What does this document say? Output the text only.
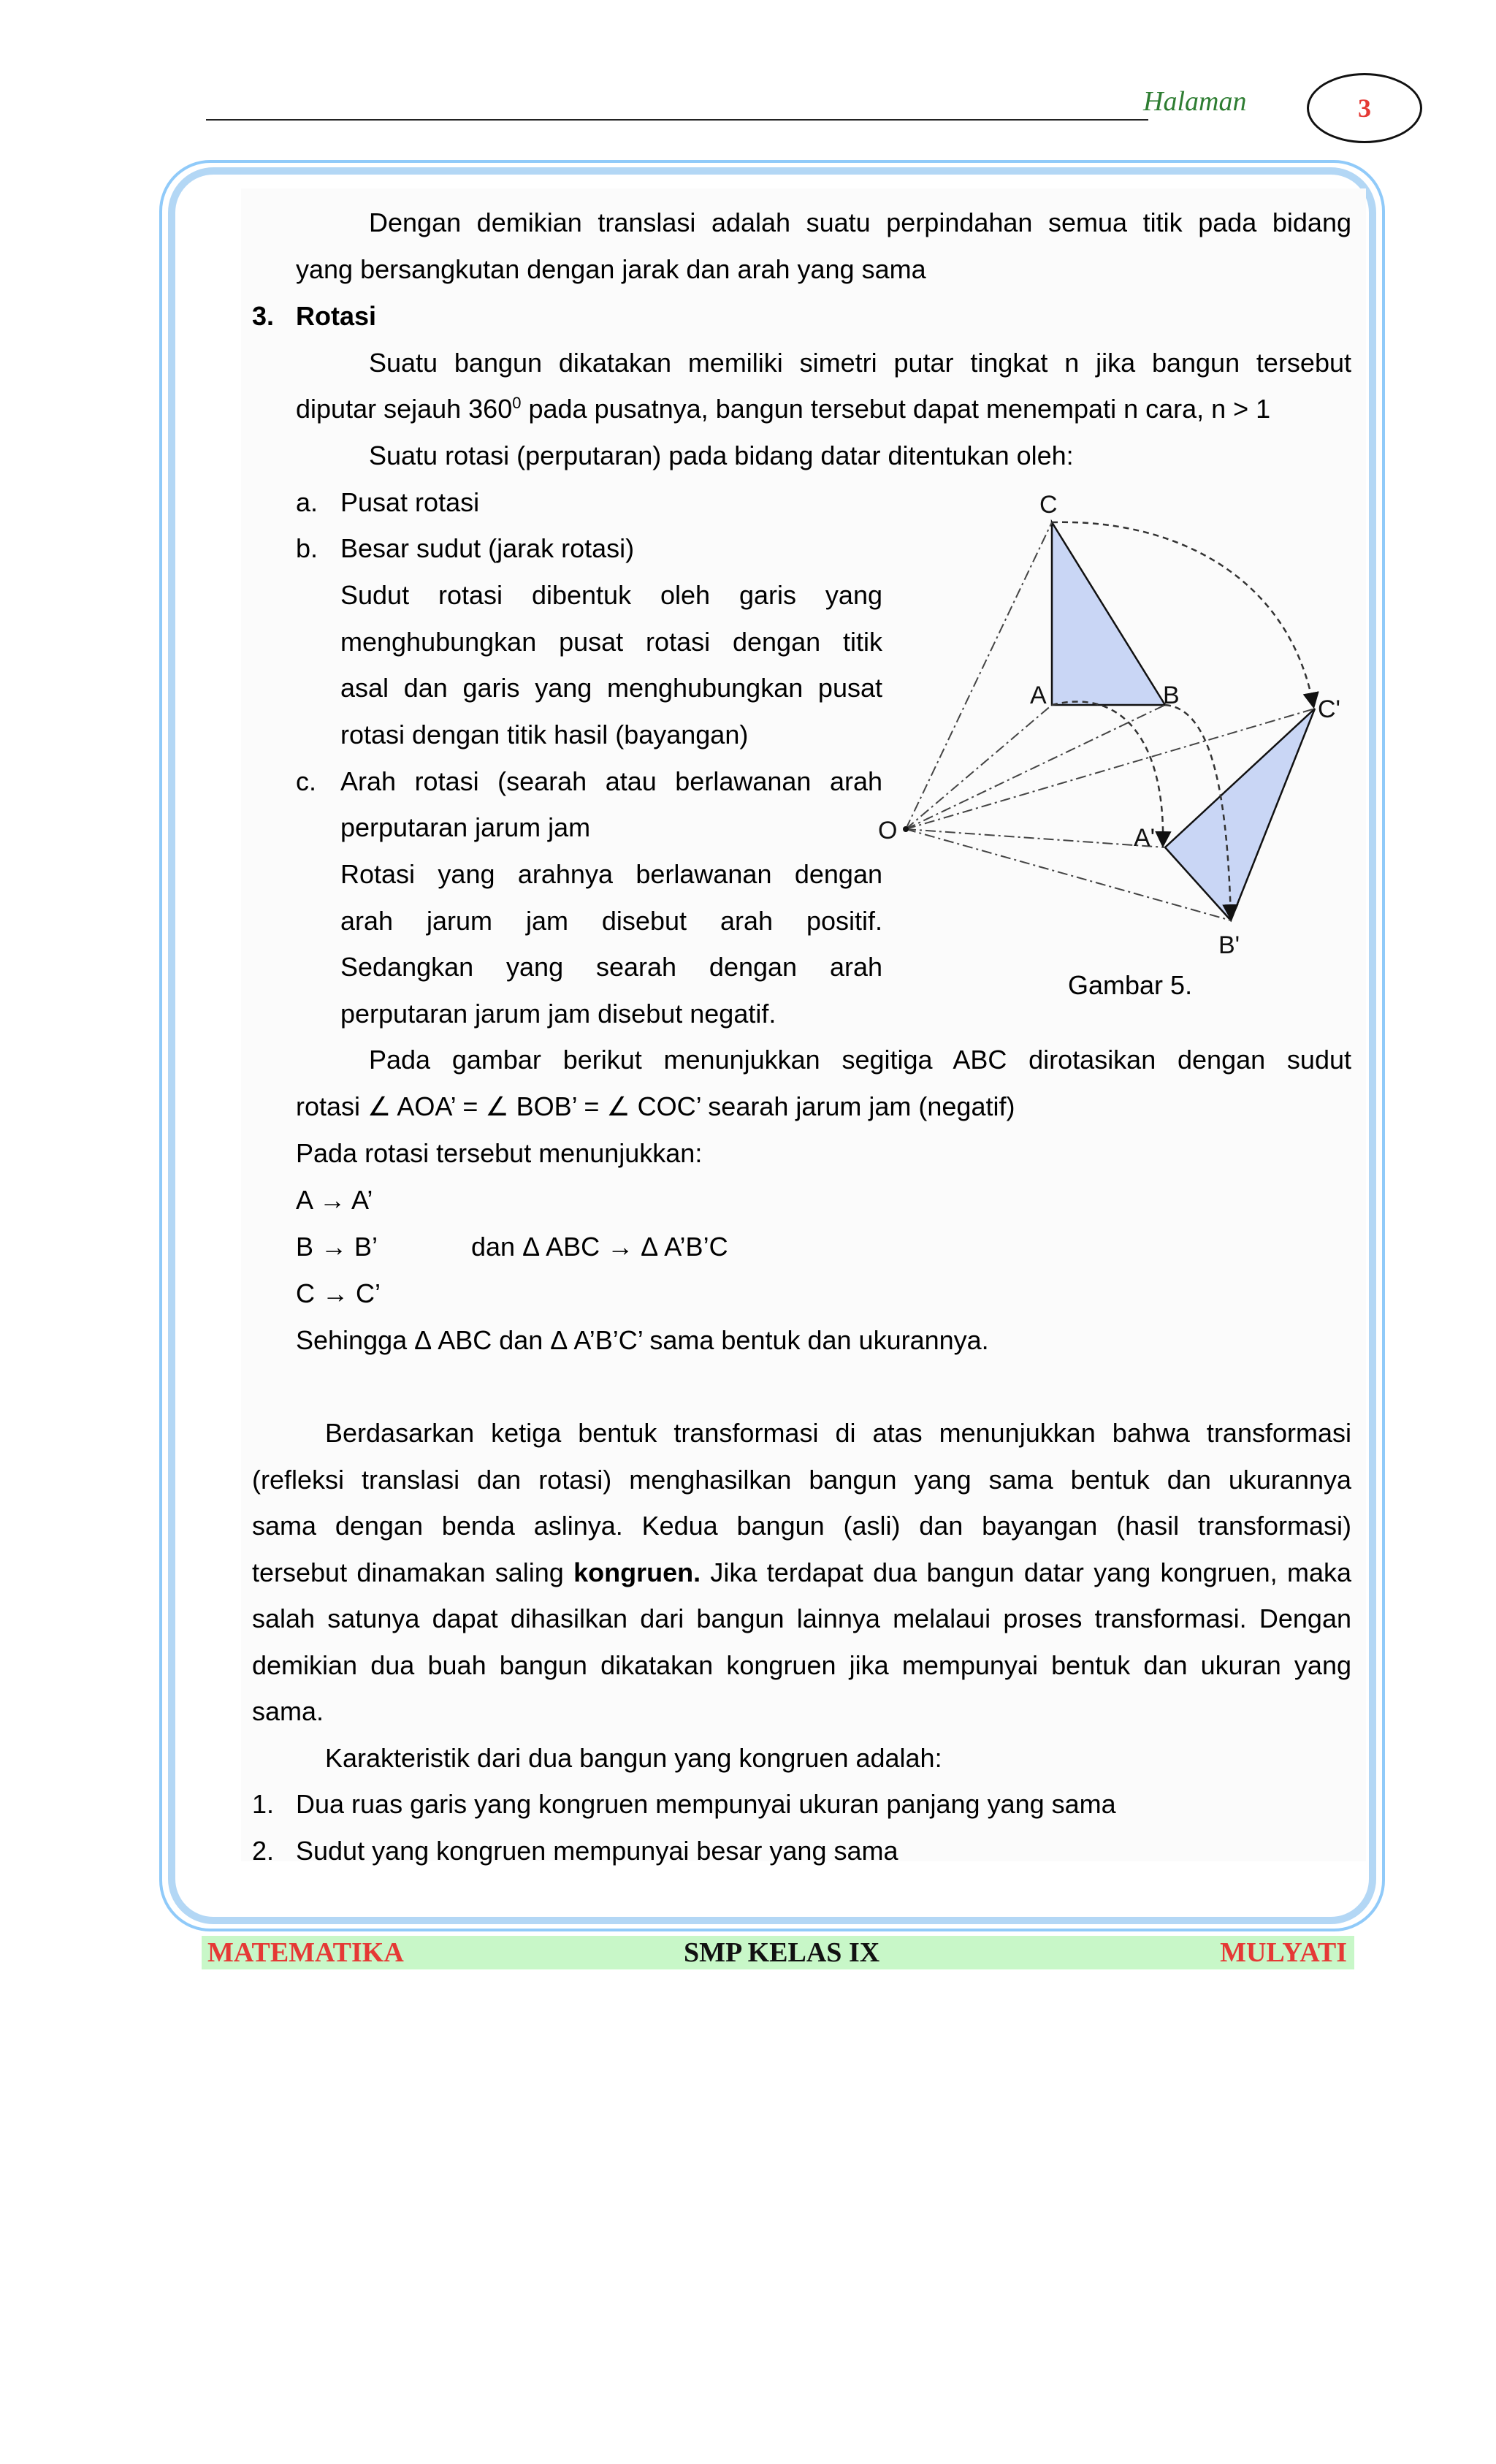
Halaman	3
Dengan demikian translasi adalah suatu perpindahan semua titik pada bidang
yang bersangkutan dengan jarak dan arah yang sama
3. Rotasi
Suatu bangun dikatakan memiliki simetri putar tingkat n jika bangun tersebut
diputar sejauh $360^0$ pada pusatnya, bangun tersebut dapat menempati n cara, n > 1
Suatu rotasi (perputaran) pada bidang datar ditentukan oleh:
a. Pusat rotasi
b. Besar sudut (jarak rotasi)
Sudut rotasi dibentuk oleh garis yang
menghubungkan pusat rotasi dengan titik
asal dan garis yang menghubungkan pusat
rotasi dengan titik hasil (bayangan)
c. Arah rotasi (searah atau berlawanan arah
perputaran jarum jam
Rotasi yang arahnya berlawanan dengan
arah jarum jam disebut arah positif.
Sedangkan yang searah dengan arah
perputaran jarum jam disebut negatif.
C
A	B
O
C'
A'
B'
Gambar 5.
Pada gambar berikut menunjukkan segitiga ABC dirotasikan dengan sudut
rotasi ∠ AOA’ = ∠ BOB’ = ∠ COC’ searah jarum jam (negatif)
Pada rotasi tersebut menunjukkan:
A → A’
B → B’	dan Δ ABC → Δ A’B’C
C → C’
Sehingga Δ ABC dan Δ A’B’C’ sama bentuk dan ukurannya.
Berdasarkan ketiga bentuk transformasi di atas menunjukkan bahwa transformasi
(refleksi translasi dan rotasi) menghasilkan bangun yang sama bentuk dan ukurannya
sama dengan benda aslinya. Kedua bangun (asli) dan bayangan (hasil transformasi)
tersebut dinamakan saling kongruen. Jika terdapat dua bangun datar yang kongruen, maka
salah satunya dapat dihasilkan dari bangun lainnya melalaui proses transformasi. Dengan
demikian dua buah bangun dikatakan kongruen jika mempunyai bentuk dan ukuran yang
sama.
Karakteristik dari dua bangun yang kongruen adalah:
1. Dua ruas garis yang kongruen mempunyai ukuran panjang yang sama
2. Sudut yang kongruen mempunyai besar yang sama
MATEMATIKA	SMP KELAS IX	MULYATI
